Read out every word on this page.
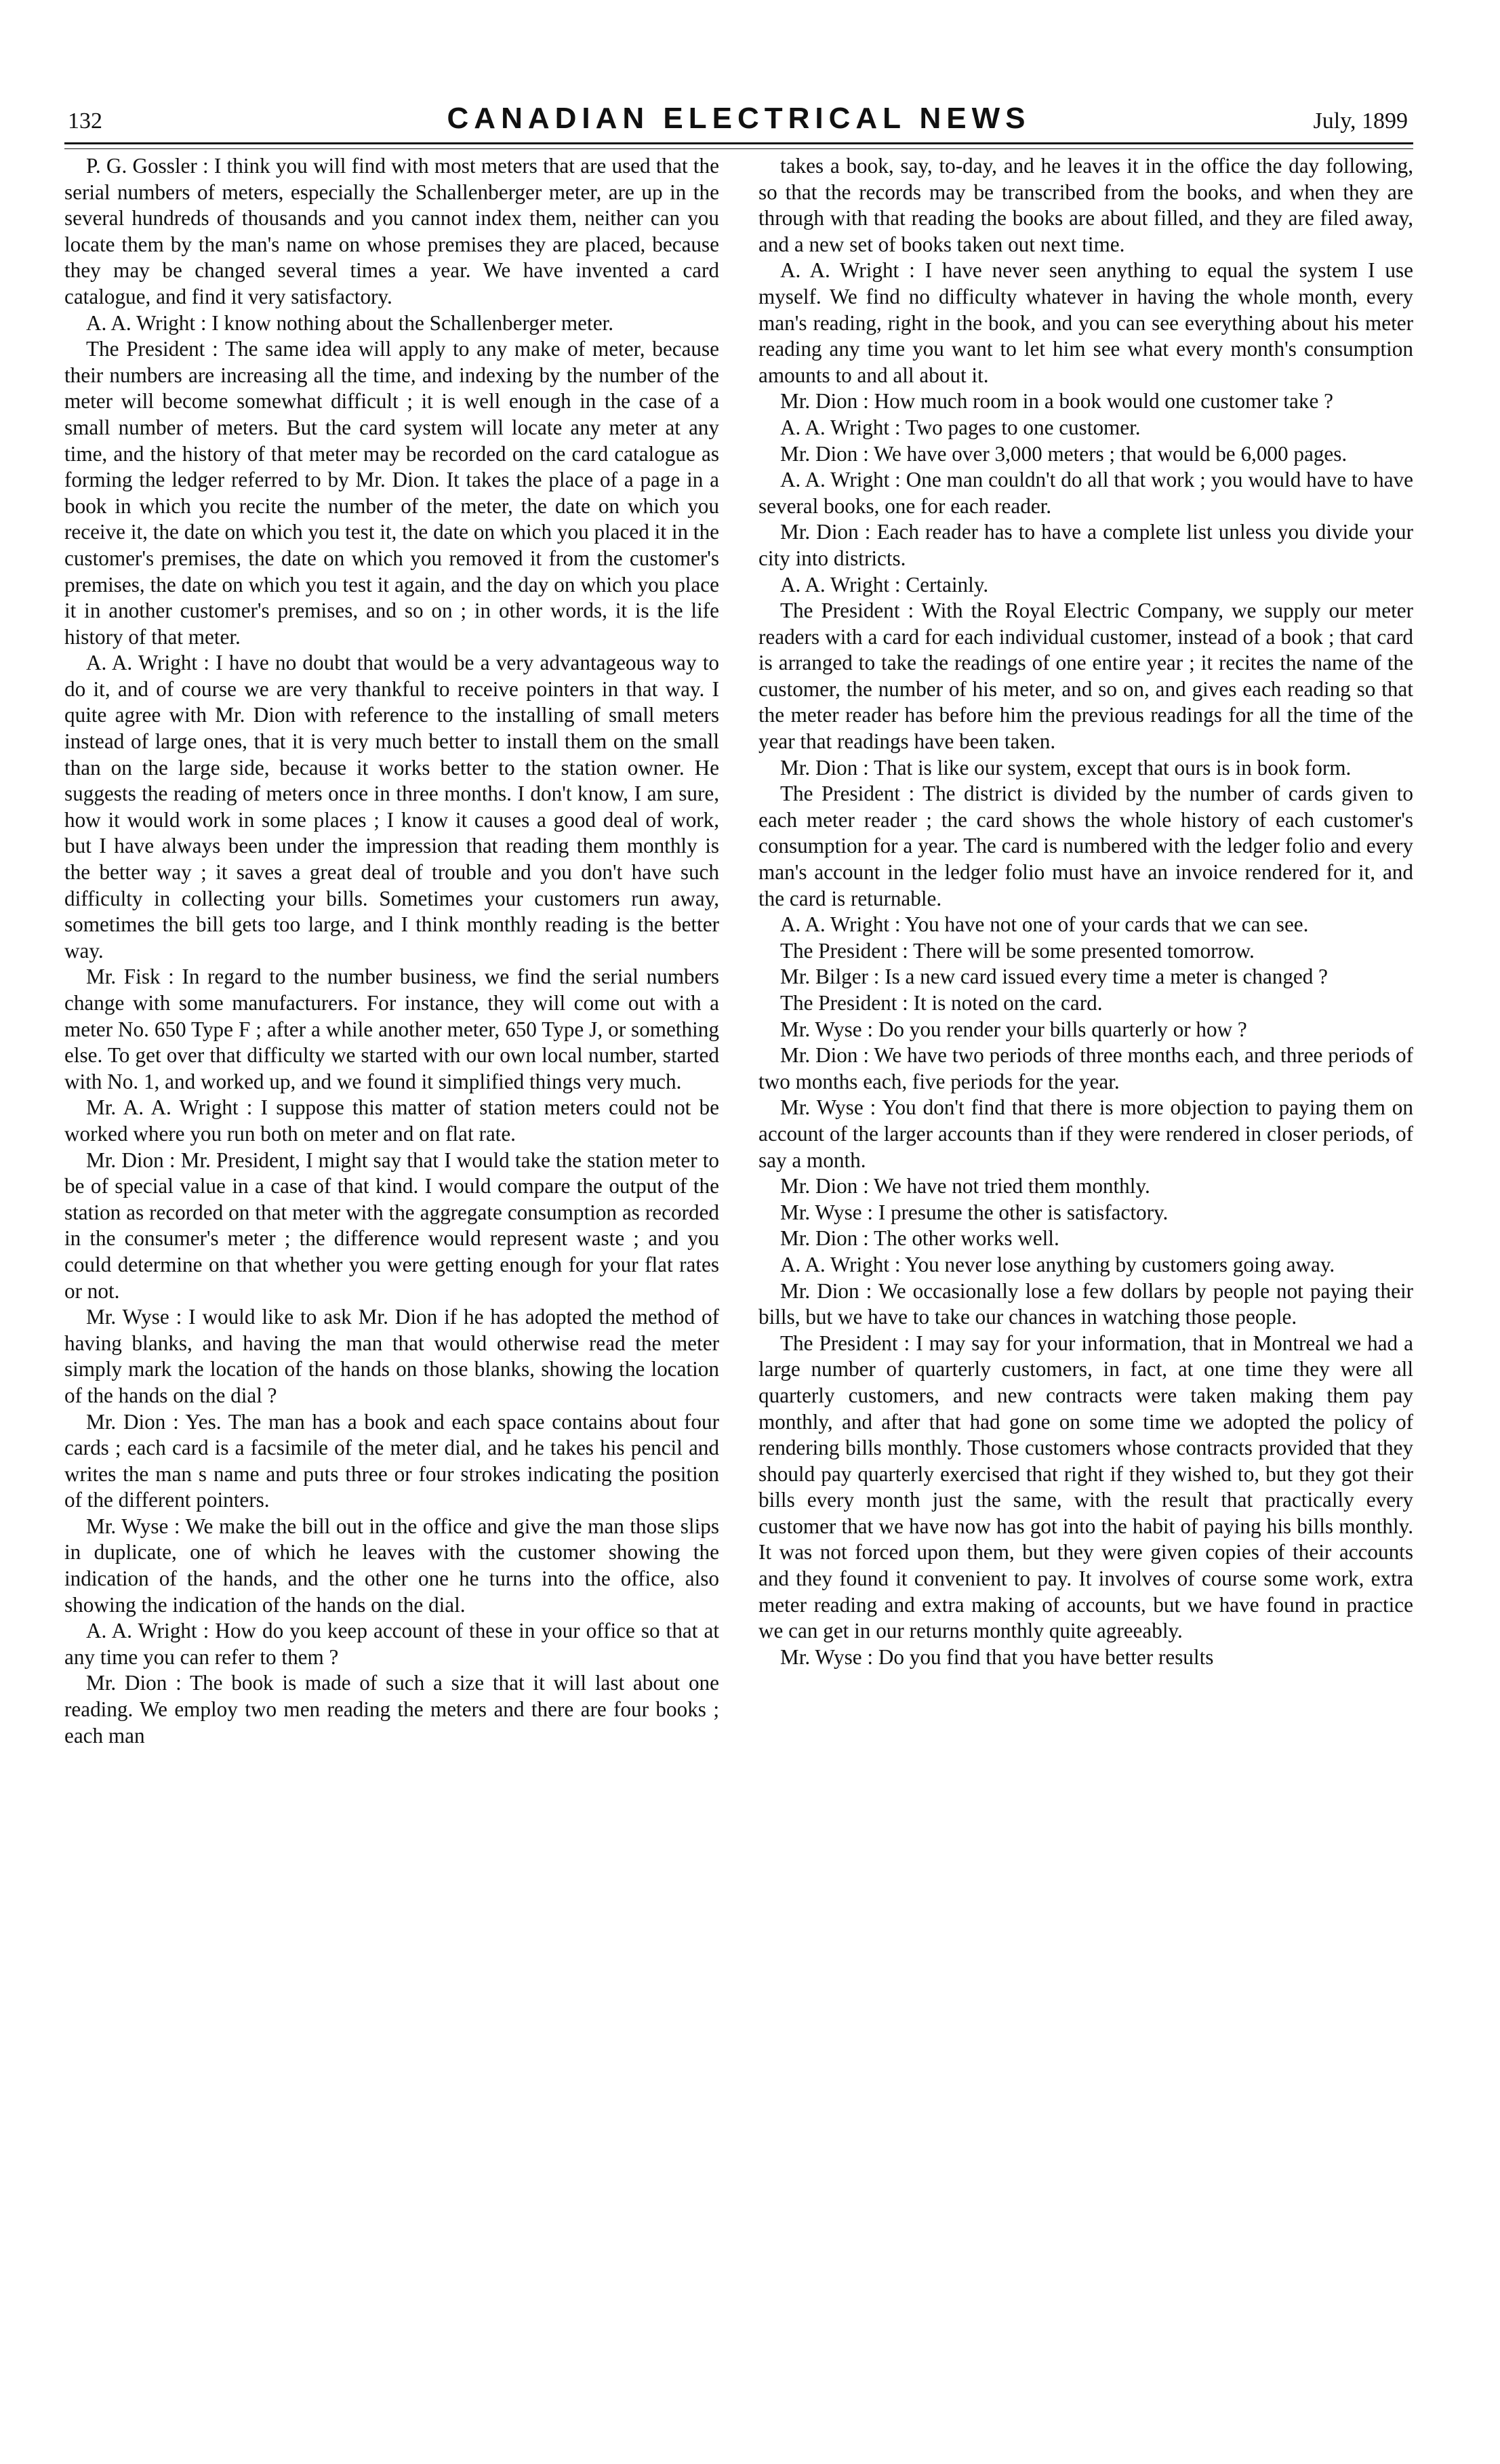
132	CANADIAN ELECTRICAL NEWS	July, 1899

P. G. Gossler : I think you will find with most meters that are used that the serial numbers of meters, especially the Schallenberger meter, are up in the several hundreds of thousands and you cannot index them, neither can you locate them by the man's name on whose premises they are placed, because they may be changed several times a year. We have invented a card catalogue, and find it very satisfactory.

A. A. Wright : I know nothing about the Schallenberger meter.

The President : The same idea will apply to any make of meter, because their numbers are increasing all the time, and indexing by the number of the meter will become somewhat difficult ; it is well enough in the case of a small number of meters. But the card system will locate any meter at any time, and the history of that meter may be recorded on the card catalogue as forming the ledger referred to by Mr. Dion. It takes the place of a page in a book in which you recite the number of the meter, the date on which you receive it, the date on which you test it, the date on which you placed it in the customer's premises, the date on which you removed it from the customer's premises, the date on which you test it again, and the day on which you place it in another customer's premises, and so on ; in other words, it is the life history of that meter.

A. A. Wright : I have no doubt that would be a very advantageous way to do it, and of course we are very thankful to receive pointers in that way. I quite agree with Mr. Dion with reference to the installing of small meters instead of large ones, that it is very much better to install them on the small than on the large side, because it works better to the station owner. He suggests the reading of meters once in three months. I don't know, I am sure, how it would work in some places ; I know it causes a good deal of work, but I have always been under the impression that reading them monthly is the better way ; it saves a great deal of trouble and you don't have such difficulty in collecting your bills. Sometimes your customers run away, sometimes the bill gets too large, and I think monthly reading is the better way.

Mr. Fisk : In regard to the number business, we find the serial numbers change with some manufacturers. For instance, they will come out with a meter No. 650 Type F ; after a while another meter, 650 Type J, or something else. To get over that difficulty we started with our own local number, started with No. 1, and worked up, and we found it simplified things very much.

Mr. A. A. Wright : I suppose this matter of station meters could not be worked where you run both on meter and on flat rate.

Mr. Dion : Mr. President, I might say that I would take the station meter to be of special value in a case of that kind. I would compare the output of the station as recorded on that meter with the aggregate consumption as recorded in the consumer's meter ; the difference would represent waste ; and you could determine on that whether you were getting enough for your flat rates or not.

Mr. Wyse : I would like to ask Mr. Dion if he has adopted the method of having blanks, and having the man that would otherwise read the meter simply mark the location of the hands on those blanks, showing the location of the hands on the dial ?

Mr. Dion : Yes. The man has a book and each space contains about four cards ; each card is a facsimile of the meter dial, and he takes his pencil and writes the man s name and puts three or four strokes indicating the position of the different pointers.

Mr. Wyse : We make the bill out in the office and give the man those slips in duplicate, one of which he leaves with the customer showing the indication of the hands, and the other one he turns into the office, also showing the indication of the hands on the dial.

A. A. Wright : How do you keep account of these in your office so that at any time you can refer to them ?

Mr. Dion : The book is made of such a size that it will last about one reading. We employ two men reading the meters and there are four books ; each man

takes a book, say, to-day, and he leaves it in the office the day following, so that the records may be transcribed from the books, and when they are through with that reading the books are about filled, and they are filed away, and a new set of books taken out next time.

A. A. Wright : I have never seen anything to equal the system I use myself. We find no difficulty whatever in having the whole month, every man's reading, right in the book, and you can see everything about his meter reading any time you want to let him see what every month's consumption amounts to and all about it.

Mr. Dion : How much room in a book would one customer take ?

A. A. Wright : Two pages to one customer.

Mr. Dion : We have over 3,000 meters ; that would be 6,000 pages.

A. A. Wright : One man couldn't do all that work ; you would have to have several books, one for each reader.

Mr. Dion : Each reader has to have a complete list unless you divide your city into districts.

A. A. Wright : Certainly.

The President : With the Royal Electric Company, we supply our meter readers with a card for each individual customer, instead of a book ; that card is arranged to take the readings of one entire year ; it recites the name of the customer, the number of his meter, and so on, and gives each reading so that the meter reader has before him the previous readings for all the time of the year that readings have been taken.

Mr. Dion : That is like our system, except that ours is in book form.

The President : The district is divided by the number of cards given to each meter reader ; the card shows the whole history of each customer's consumption for a year. The card is numbered with the ledger folio and every man's account in the ledger folio must have an invoice rendered for it, and the card is returnable.

A. A. Wright : You have not one of your cards that we can see.

The President : There will be some presented tomorrow.

Mr. Bilger : Is a new card issued every time a meter is changed ?

The President : It is noted on the card.

Mr. Wyse : Do you render your bills quarterly or how ?

Mr. Dion : We have two periods of three months each, and three periods of two months each, five periods for the year.

Mr. Wyse : You don't find that there is more objection to paying them on account of the larger accounts than if they were rendered in closer periods, of say a month.

Mr. Dion : We have not tried them monthly.

Mr. Wyse : I presume the other is satisfactory.

Mr. Dion : The other works well.

A. A. Wright : You never lose anything by customers going away.

Mr. Dion : We occasionally lose a few dollars by people not paying their bills, but we have to take our chances in watching those people.

The President : I may say for your information, that in Montreal we had a large number of quarterly customers, in fact, at one time they were all quarterly customers, and new contracts were taken making them pay monthly, and after that had gone on some time we adopted the policy of rendering bills monthly. Those customers whose contracts provided that they should pay quarterly exercised that right if they wished to, but they got their bills every month just the same, with the result that practically every customer that we have now has got into the habit of paying his bills monthly. It was not forced upon them, but they were given copies of their accounts and they found it convenient to pay. It involves of course some work, extra meter reading and extra making of accounts, but we have found in practice we can get in our returns monthly quite agreeably.

Mr. Wyse : Do you find that you have better results
